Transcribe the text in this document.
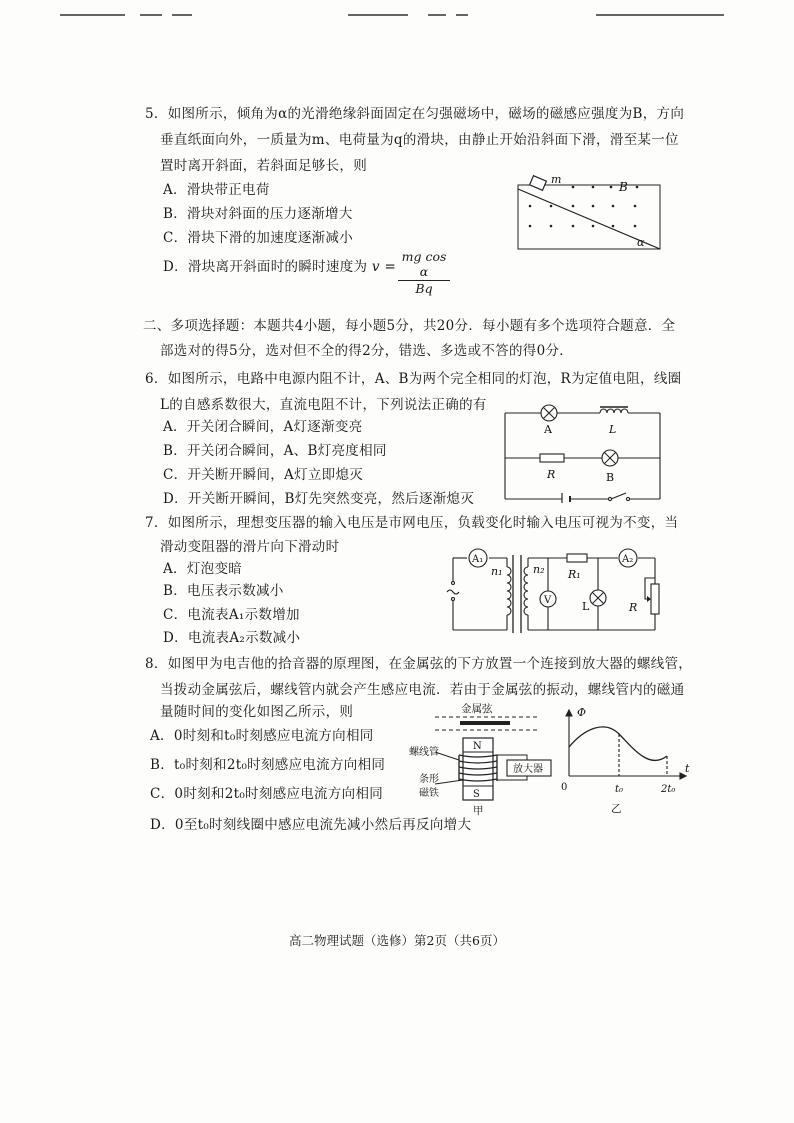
5．如图所示，倾角为α的光滑绝缘斜面固定在匀强磁场中，磁场的磁感应强度为B，方向
垂直纸面向外，一质量为m、电荷量为q的滑块，由静止开始沿斜面下滑，滑至某一位
置时离开斜面，若斜面足够长，则
A．滑块带正电荷
B．滑块对斜面的压力逐渐增大
C．滑块下滑的加速度逐渐减小
D．滑块离开斜面时的瞬时速度为 $v = \frac{\text{mg cos α}}{Bq}$
m
B
α
二、多项选择题：本题共4小题，每小题5分，共20分．每小题有多个选项符合题意．全
部选对的得5分，选对但不全的得2分，错选、多选或不答的得0分．
6．如图所示，电路中电源内阻不计，A、B为两个完全相同的灯泡，R为定值电阻，线圈
L的自感系数很大，直流电阻不计，下列说法正确的有
A．开关闭合瞬间，A灯逐渐变亮
B．开关闭合瞬间，A、B灯亮度相同
C．开关断开瞬间，A灯立即熄灭
D．开关断开瞬间，B灯先突然变亮，然后逐渐熄灭
A	L
R	B
7．如图所示，理想变压器的输入电压是市网电压，负载变化时输入电压可视为不变，当
滑动变阻器的滑片向下滑动时
A．灯泡变暗
B．电压表示数减小
C．电流表A₁示数增加
D．电流表A₂示数减小
A₁	A₂
V
n₁	n₂ R₁
L	R
8．如图甲为电吉他的拾音器的原理图，在金属弦的下方放置一个连接到放大器的螺线管，
当拨动金属弦后，螺线管内就会产生感应电流．若由于金属弦的振动，螺线管内的磁通
量随时间的变化如图乙所示，则
A．0时刻和t₀时刻感应电流方向相同
B．t₀时刻和2t₀时刻感应电流方向相同
C．0时刻和2t₀时刻感应电流方向相同
D．0至t₀时刻线圈中感应电流先减小然后再反向增大
金属弦
N
S
放大器
螺线管
条形
磁铁
甲
Φ
t
0	t₀	2t₀
乙
高二物理试题（选修）第2页（共6页）
